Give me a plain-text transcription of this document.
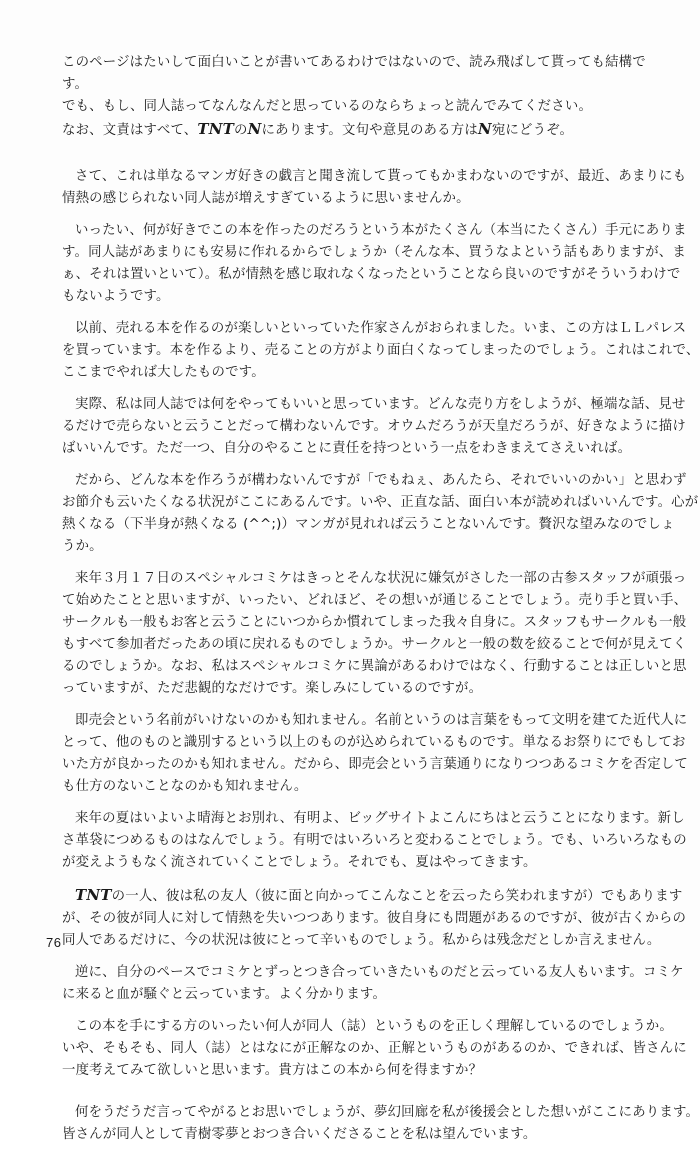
このページはたいして面白いことが書いてあるわけではないので、読み飛ばして貰っても結構です。

でも、もし、同人誌ってなんなんだと思っているのならちょっと読んでみてください。

なお、文責はすべて、TNTのNにあります。文句や意見のある方はN宛にどうぞ。

さて、これは単なるマンガ好きの戯言と聞き流して貰ってもかまわないのですが、最近、あまりにも
情熱の感じられない同人誌が増えすぎているように思いませんか。
いったい、何が好きでこの本を作ったのだろうという本がたくさん（本当にたくさん）手元にありま
す。同人誌があまりにも安易に作れるからでしょうか（そんな本、買うなよという話もありますが、ま
ぁ、それは置いといて）。私が情熱を感じ取れなくなったということなら良いのですがそういうわけで
もないようです。
以前、売れる本を作るのが楽しいといっていた作家さんがおられました。いま、この方はＬＬパレス
を買っています。本を作るより、売ることの方がより面白くなってしまったのでしょう。これはこれで、
ここまでやれば大したものです。
実際、私は同人誌では何をやってもいいと思っています。どんな売り方をしようが、極端な話、見せ
るだけで売らないと云うことだって構わないんです。オウムだろうが天皇だろうが、好きなように描け
ばいいんです。ただ一つ、自分のやることに責任を持つという一点をわきまえてさえいれば。
だから、どんな本を作ろうが構わないんですが「でもねぇ、あんたら、それでいいのかい」と思わず
お節介も云いたくなる状況がここにあるんです。いや、正直な話、面白い本が読めればいいんです。心が
熱くなる（下半身が熱くなる (^^;)）マンガが見れれば云うことないんです。贅沢な望みなのでしょ
うか。
来年３月１７日のスペシャルコミケはきっとそんな状況に嫌気がさした一部の古参スタッフが頑張っ
て始めたことと思いますが、いったい、どれほど、その想いが通じることでしょう。売り手と買い手、
サークルも一般もお客と云うことにいつからか慣れてしまった我々自身に。スタッフもサークルも一般
もすべて参加者だったあの頃に戻れるものでしょうか。サークルと一般の数を絞ることで何が見えてく
るのでしょうか。なお、私はスペシャルコミケに異論があるわけではなく、行動することは正しいと思
っていますが、ただ悲観的なだけです。楽しみにしているのですが。
即売会という名前がいけないのかも知れません。名前というのは言葉をもって文明を建てた近代人に
とって、他のものと識別するという以上のものが込められているものです。単なるお祭りにでもしてお
いた方が良かったのかも知れません。だから、即売会という言葉通りになりつつあるコミケを否定して
も仕方のないことなのかも知れません。
来年の夏はいよいよ晴海とお別れ、有明よ、ビッグサイトよこんにちはと云うことになります。新し
さ革袋につめるものはなんでしょう。有明ではいろいろと変わることでしょう。でも、いろいろなもの
が変えようもなく流されていくことでしょう。それでも、夏はやってきます。
TNTの一人、彼は私の友人（彼に面と向かってこんなことを云ったら笑われますが）でもあります
が、その彼が同人に対して情熱を失いつつあります。彼自身にも問題があるのですが、彼が古くからの
同人であるだけに、今の状況は彼にとって辛いものでしょう。私からは残念だとしか言えません。
逆に、自分のペースでコミケとずっとつき合っていきたいものだと云っている友人もいます。コミケ
に来ると血が騒ぐと云っています。よく分かります。
この本を手にする方のいったい何人が同人（誌）というものを正しく理解しているのでしょうか。
いや、そもそも、同人（誌）とはなにが正解なのか、正解というものがあるのか、できれば、皆さんに
一度考えてみて欲しいと思います。貴方はこの本から何を得ますか？
何をうだうだ言ってやがるとお思いでしょうが、夢幻回廊を私が後援会とした想いがここにあります。
皆さんが同人として青樹零夢とおつき合いくださることを私は望んでいます。
76
